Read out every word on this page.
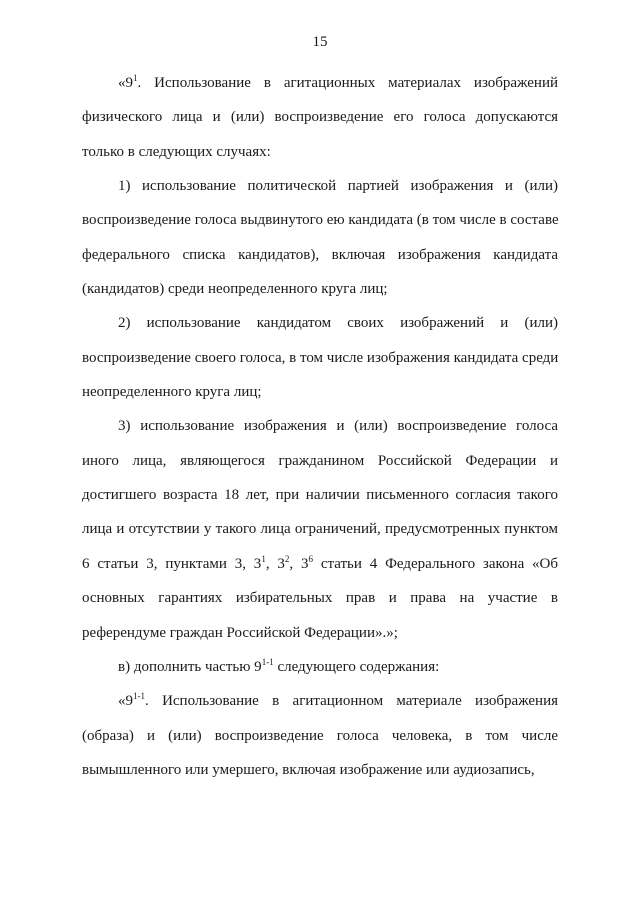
15
«$9^1$. Использование в агитационных материалах изображений
физического лица и (или) воспроизведение его голоса допускаются
только в следующих случаях:
1) использование политической партией изображения и (или)
воспроизведение голоса выдвинутого ею кандидата (в том числе в составе
федерального списка кандидатов), включая изображения кандидата
(кандидатов) среди неопределенного круга лиц;
2) использование кандидатом своих изображений и (или)
воспроизведение своего голоса, в том числе изображения кандидата среди
неопределенного круга лиц;
3) использование изображения и (или) воспроизведение голоса
иного лица, являющегося гражданином Российской Федерации и
достигшего возраста 18 лет, при наличии письменного согласия такого
лица и отсутствии у такого лица ограничений, предусмотренных пунктом
6 статьи 3, пунктами 3, $3^1$, $3^2$, $3^6$ статьи 4 Федерального закона «Об
основных гарантиях избирательных прав и права на участие в
референдуме граждан Российской Федерации».»;
в) дополнить частью 9$^{1-1}$ следующего содержания:
«9$^{1-1}$. Использование в агитационном материале изображения
(образа) и (или) воспроизведение голоса человека, в том числе
вымышленного или умершего, включая изображение или аудиозапись,
